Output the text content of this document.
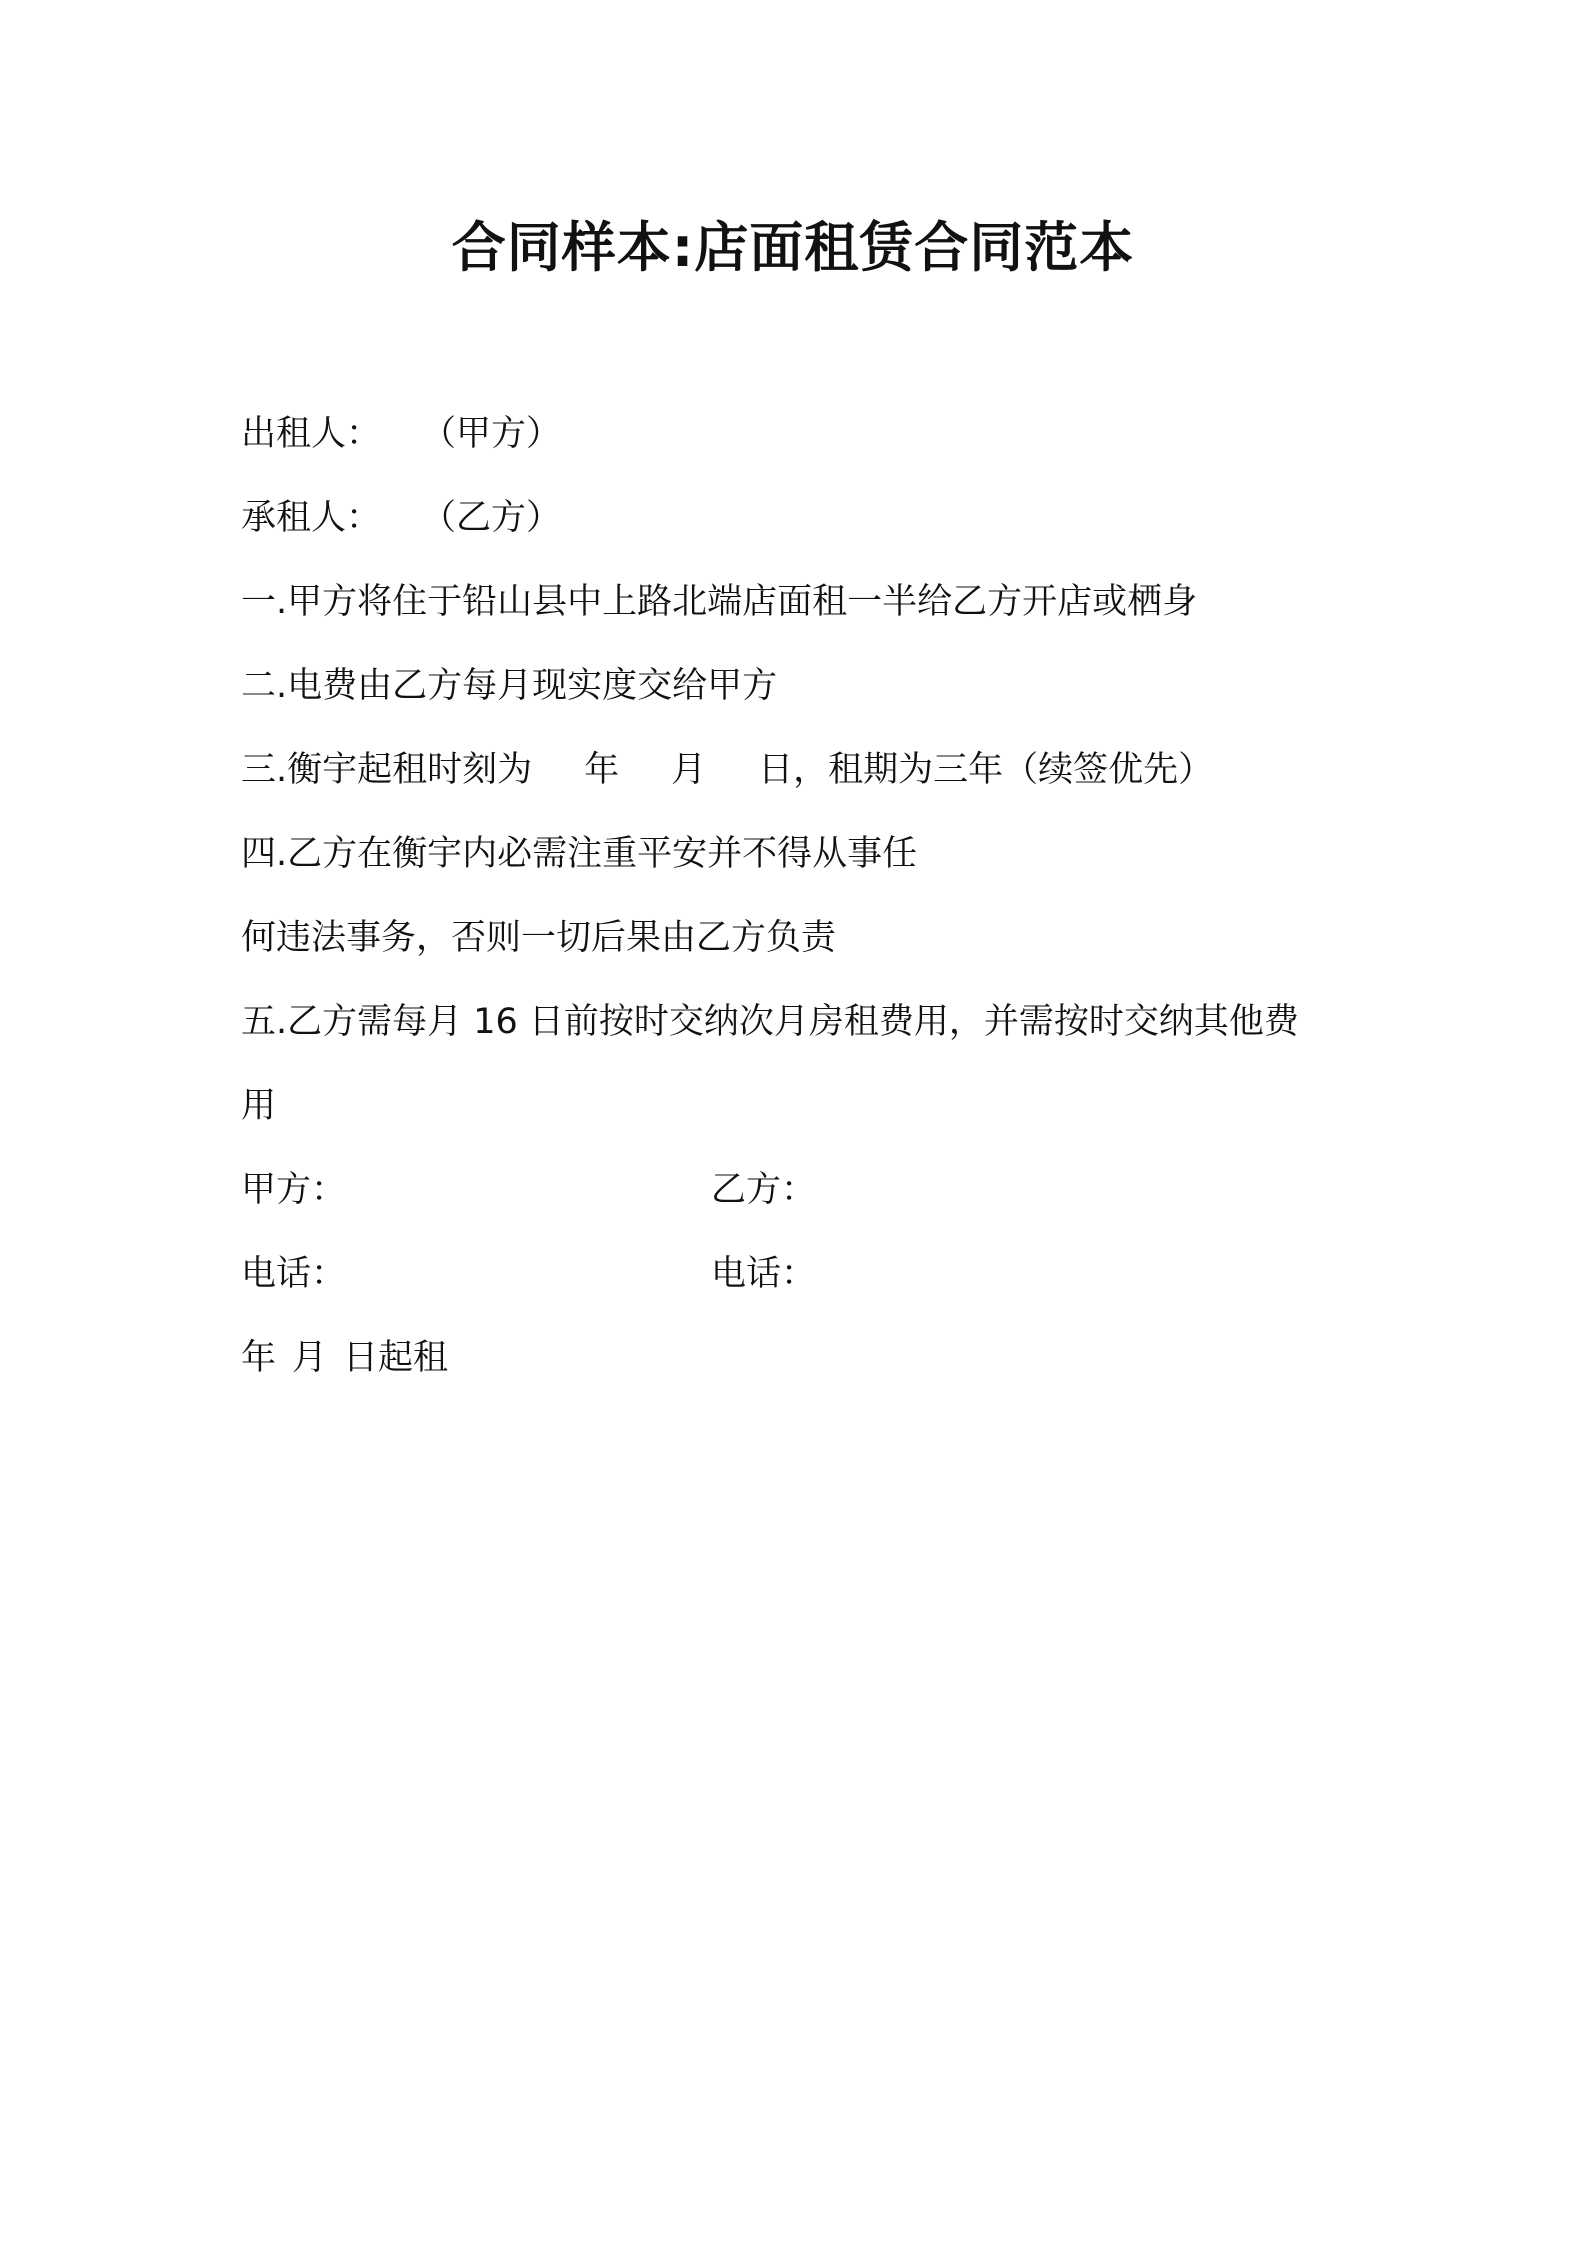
合同样本:店面租赁合同范本
出租人： （甲方）
承租人： （乙方）
一.甲方将住于铅山县中上路北端店面租一半给乙方开店或栖身
二.电费由乙方每月现实度交给甲方
三.衡宇起租时刻为 年 月 日，租期为三年（续签优先）
四.乙方在衡宇内必需注重平安并不得从事任
何违法事务，否则一切后果由乙方负责
五.乙方需每月 16 日前按时交纳次月房租费用，并需按时交纳其他费
用
甲方：	乙方：
电话：	电话：
年 月 日起租
